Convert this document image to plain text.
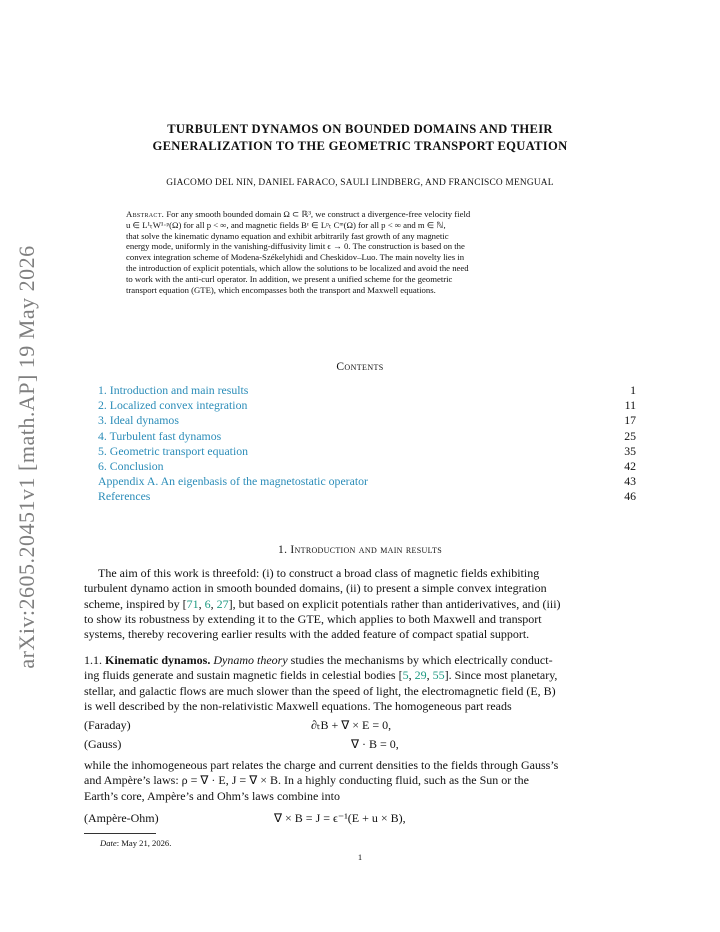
arXiv:2605.20451v1 [math.AP] 19 May 2026
TURBULENT DYNAMOS ON BOUNDED DOMAINS AND THEIR
GENERALIZATION TO THE GEOMETRIC TRANSPORT EQUATION
GIACOMO DEL NIN, DANIEL FARACO, SAULI LINDBERG, AND FRANCISCO MENGUAL
Abstract. For any smooth bounded domain Ω ⊂ ℝ³, we construct a divergence-free velocity field
u ∈ L¹ₜW¹·ᵖ(Ω) for all p < ∞, and magnetic fields Bᵋ ∈ Lᵖₜ Cᵐ(Ω) for all p < ∞ and m ∈ ℕ,
that solve the kinematic dynamo equation and exhibit arbitrarily fast growth of any magnetic
energy mode, uniformly in the vanishing-diffusivity limit ϵ → 0. The construction is based on the
convex integration scheme of Modena-Székelyhidi and Cheskidov–Luo. The main novelty lies in
the introduction of explicit potentials, which allow the solutions to be localized and avoid the need
to work with the anti-curl operator. In addition, we present a unified scheme for the geometric
transport equation (GTE), which encompasses both the transport and Maxwell equations.
Contents
1. Introduction and main results	1
2. Localized convex integration	11
3. Ideal dynamos	17
4. Turbulent fast dynamos	25
5. Geometric transport equation	35
6. Conclusion	42
Appendix A. An eigenbasis of the magnetostatic operator	43
References	46
1. Introduction and main results
The aim of this work is threefold: (i) to construct a broad class of magnetic fields exhibiting
turbulent dynamo action in smooth bounded domains, (ii) to present a simple convex integration
scheme, inspired by [71, 6, 27], but based on explicit potentials rather than antiderivatives, and (iii)
to show its robustness by extending it to the GTE, which applies to both Maxwell and transport
systems, thereby recovering earlier results with the added feature of compact spatial support.
1.1. Kinematic dynamos. Dynamo theory studies the mechanisms by which electrically conduct-
ing fluids generate and sustain magnetic fields in celestial bodies [5, 29, 55]. Since most planetary,
stellar, and galactic flows are much slower than the speed of light, the electromagnetic field (E, B)
is well described by the non-relativistic Maxwell equations. The homogeneous part reads
(Faraday)	∂ₜB + ∇ × E = 0,
(Gauss)	∇ · B = 0,
while the inhomogeneous part relates the charge and current densities to the fields through Gauss’s
and Ampère’s laws: ρ = ∇ · E, J = ∇ × B. In a highly conducting fluid, such as the Sun or the
Earth’s core, Ampère’s and Ohm’s laws combine into
(Ampère-Ohm)	∇ × B = J = ϵ⁻¹(E + u × B),
Date: May 21, 2026.
1
